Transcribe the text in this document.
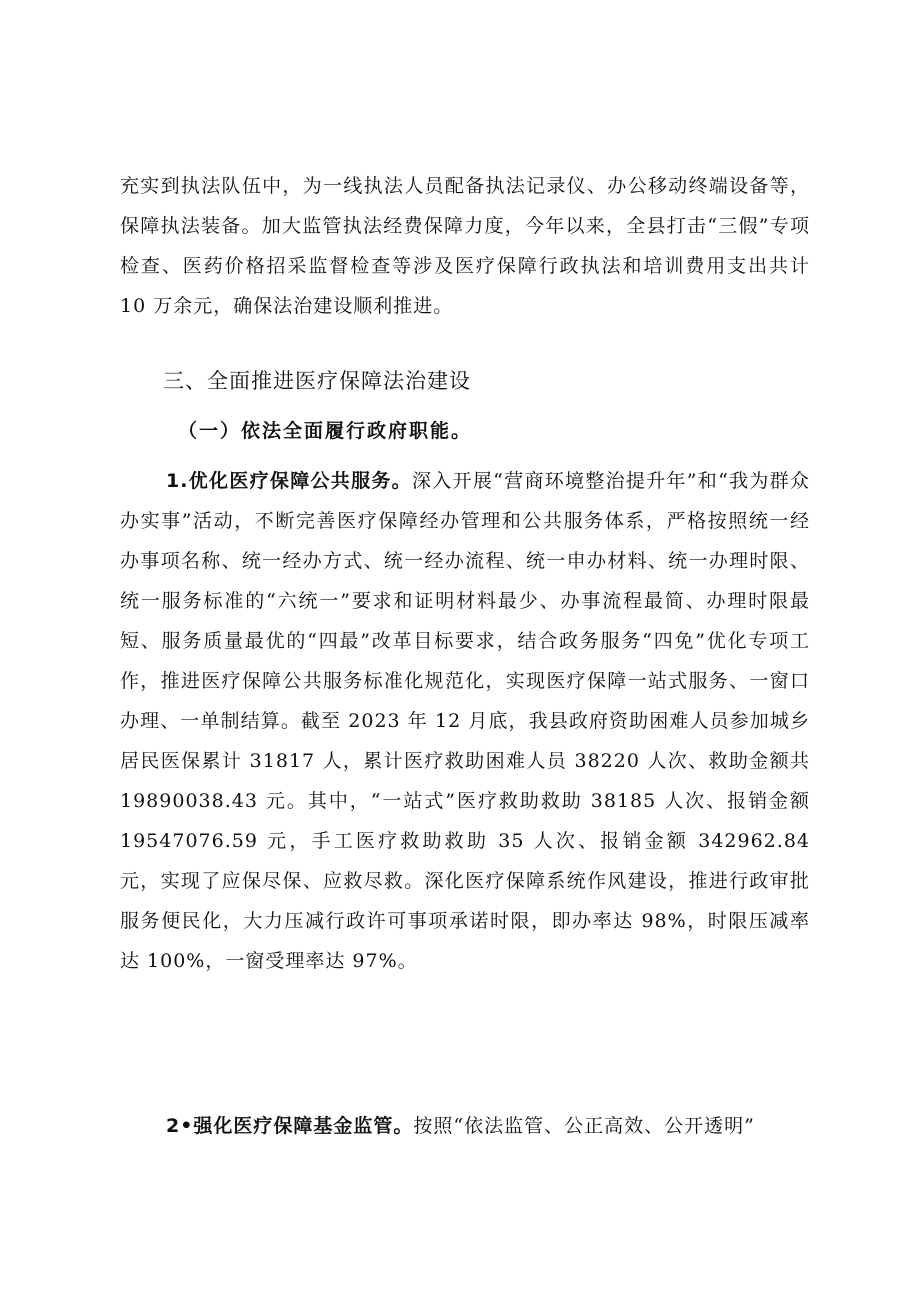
充实到执法队伍中，为一线执法人员配备执法记录仪、办公移动终端设备等，保障执法装备。加大监管执法经费保障力度，今年以来，全县打击“三假”专项检查、医药价格招采监督检查等涉及医疗保障行政执法和培训费用支出共计 10 万余元，确保法治建设顺利推进。

三、全面推进医疗保障法治建设
（一）依法全面履行政府职能。

1.优化医疗保障公共服务。深入开展“营商环境整治提升年”和“我为群众办实事”活动，不断完善医疗保障经办管理和公共服务体系，严格按照统一经办事项名称、统一经办方式、统一经办流程、统一申办材料、统一办理时限、统一服务标准的“六统一”要求和证明材料最少、办事流程最简、办理时限最短、服务质量最优的“四最”改革目标要求，结合政务服务“四免”优化专项工作，推进医疗保障公共服务标准化规范化，实现医疗保障一站式服务、一窗口办理、一单制结算。截至 2023 年 12 月底，我县政府资助困难人员参加城乡居民医保累计 31817 人，累计医疗救助困难人员 38220 人次、救助金额共 19890038.43 元。其中，“一站式”医疗救助救助 38185 人次、报销金额 19547076.59 元，手工医疗救助救助 35 人次、报销金额 342962.84 元，实现了应保尽保、应救尽救。深化医疗保障系统作风建设，推进行政审批服务便民化，大力压减行政许可事项承诺时限，即办率达 98%，时限压减率达 100%，一窗受理率达 97%。

2•强化医疗保障基金监管。按照“依法监管、公正高效、公开透明”
